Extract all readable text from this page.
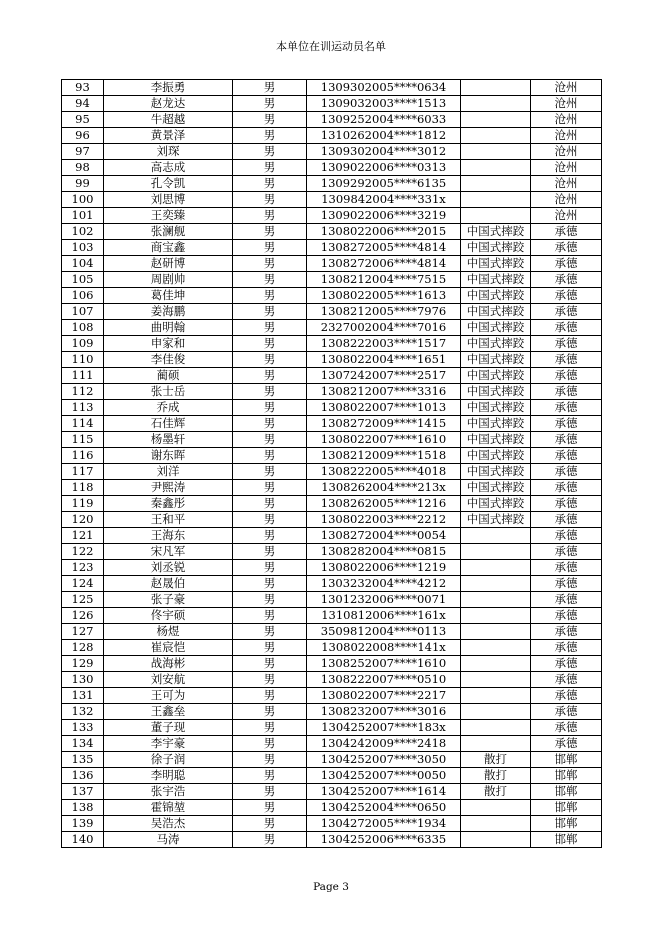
本单位在训运动员名单
93	李振勇	男	1309302005****0634		沧州
94	赵龙达	男	1309032003****1513		沧州
95	牛超越	男	1309252004****6033		沧州
96	黄景泽	男	1310262004****1812		沧州
97	刘琛	男	1309302004****3012		沧州
98	高志成	男	1309022006****0313		沧州
99	孔令凯	男	1309292005****6135		沧州
100	刘思博	男	1309842004****331x		沧州
101	王奕臻	男	1309022006****3219		沧州
102	张澜舰	男	1308022006****2015	中国式摔跤	承德
103	商宝鑫	男	1308272005****4814	中国式摔跤	承德
104	赵研博	男	1308272006****4814	中国式摔跤	承德
105	周剧帅	男	1308212004****7515	中国式摔跤	承德
106	葛佳坤	男	1308022005****1613	中国式摔跤	承德
107	姜海鹏	男	1308212005****7976	中国式摔跤	承德
108	曲明翰	男	2327002004****7016	中国式摔跤	承德
109	申家和	男	1308222003****1517	中国式摔跤	承德
110	李佳俊	男	1308022004****1651	中国式摔跤	承德
111	蔺硕	男	1307242007****2517	中国式摔跤	承德
112	张士岳	男	1308212007****3316	中国式摔跤	承德
113	乔成	男	1308022007****1013	中国式摔跤	承德
114	石佳辉	男	1308272009****1415	中国式摔跤	承德
115	杨墨轩	男	1308022007****1610	中国式摔跤	承德
116	谢东晖	男	1308212009****1518	中国式摔跤	承德
117	刘洋	男	1308222005****4018	中国式摔跤	承德
118	尹熙涛	男	1308262004****213x	中国式摔跤	承德
119	秦鑫彤	男	1308262005****1216	中国式摔跤	承德
120	王和平	男	1308022003****2212	中国式摔跤	承德
121	王海东	男	1308272004****0054		承德
122	宋凡军	男	1308282004****0815		承德
123	刘丞锐	男	1308022006****1219		承德
124	赵晟伯	男	1303232004****4212		承德
125	张子豪	男	1301232006****0071		承德
126	佟宇硕	男	1310812006****161x		承德
127	杨煜	男	3509812004****0113		承德
128	崔宸恺	男	1308022008****141x		承德
129	战海彬	男	1308252007****1610		承德
130	刘安航	男	1308222007****0510		承德
131	王可为	男	1308022007****2217		承德
132	王鑫垒	男	1308232007****3016		承德
133	董子现	男	1304252007****183x		承德
134	李宇豪	男	1304242009****2418		承德
135	徐子润	男	1304252007****3050	散打	邯郸
136	李明聪	男	1304252007****0050	散打	邯郸
137	张宇浩	男	1304252007****1614	散打	邯郸
138	霍锦堃	男	1304252004****0650		邯郸
139	吴浩杰	男	1304272005****1934		邯郸
140	马涛	男	1304252006****6335		邯郸
Page 3
